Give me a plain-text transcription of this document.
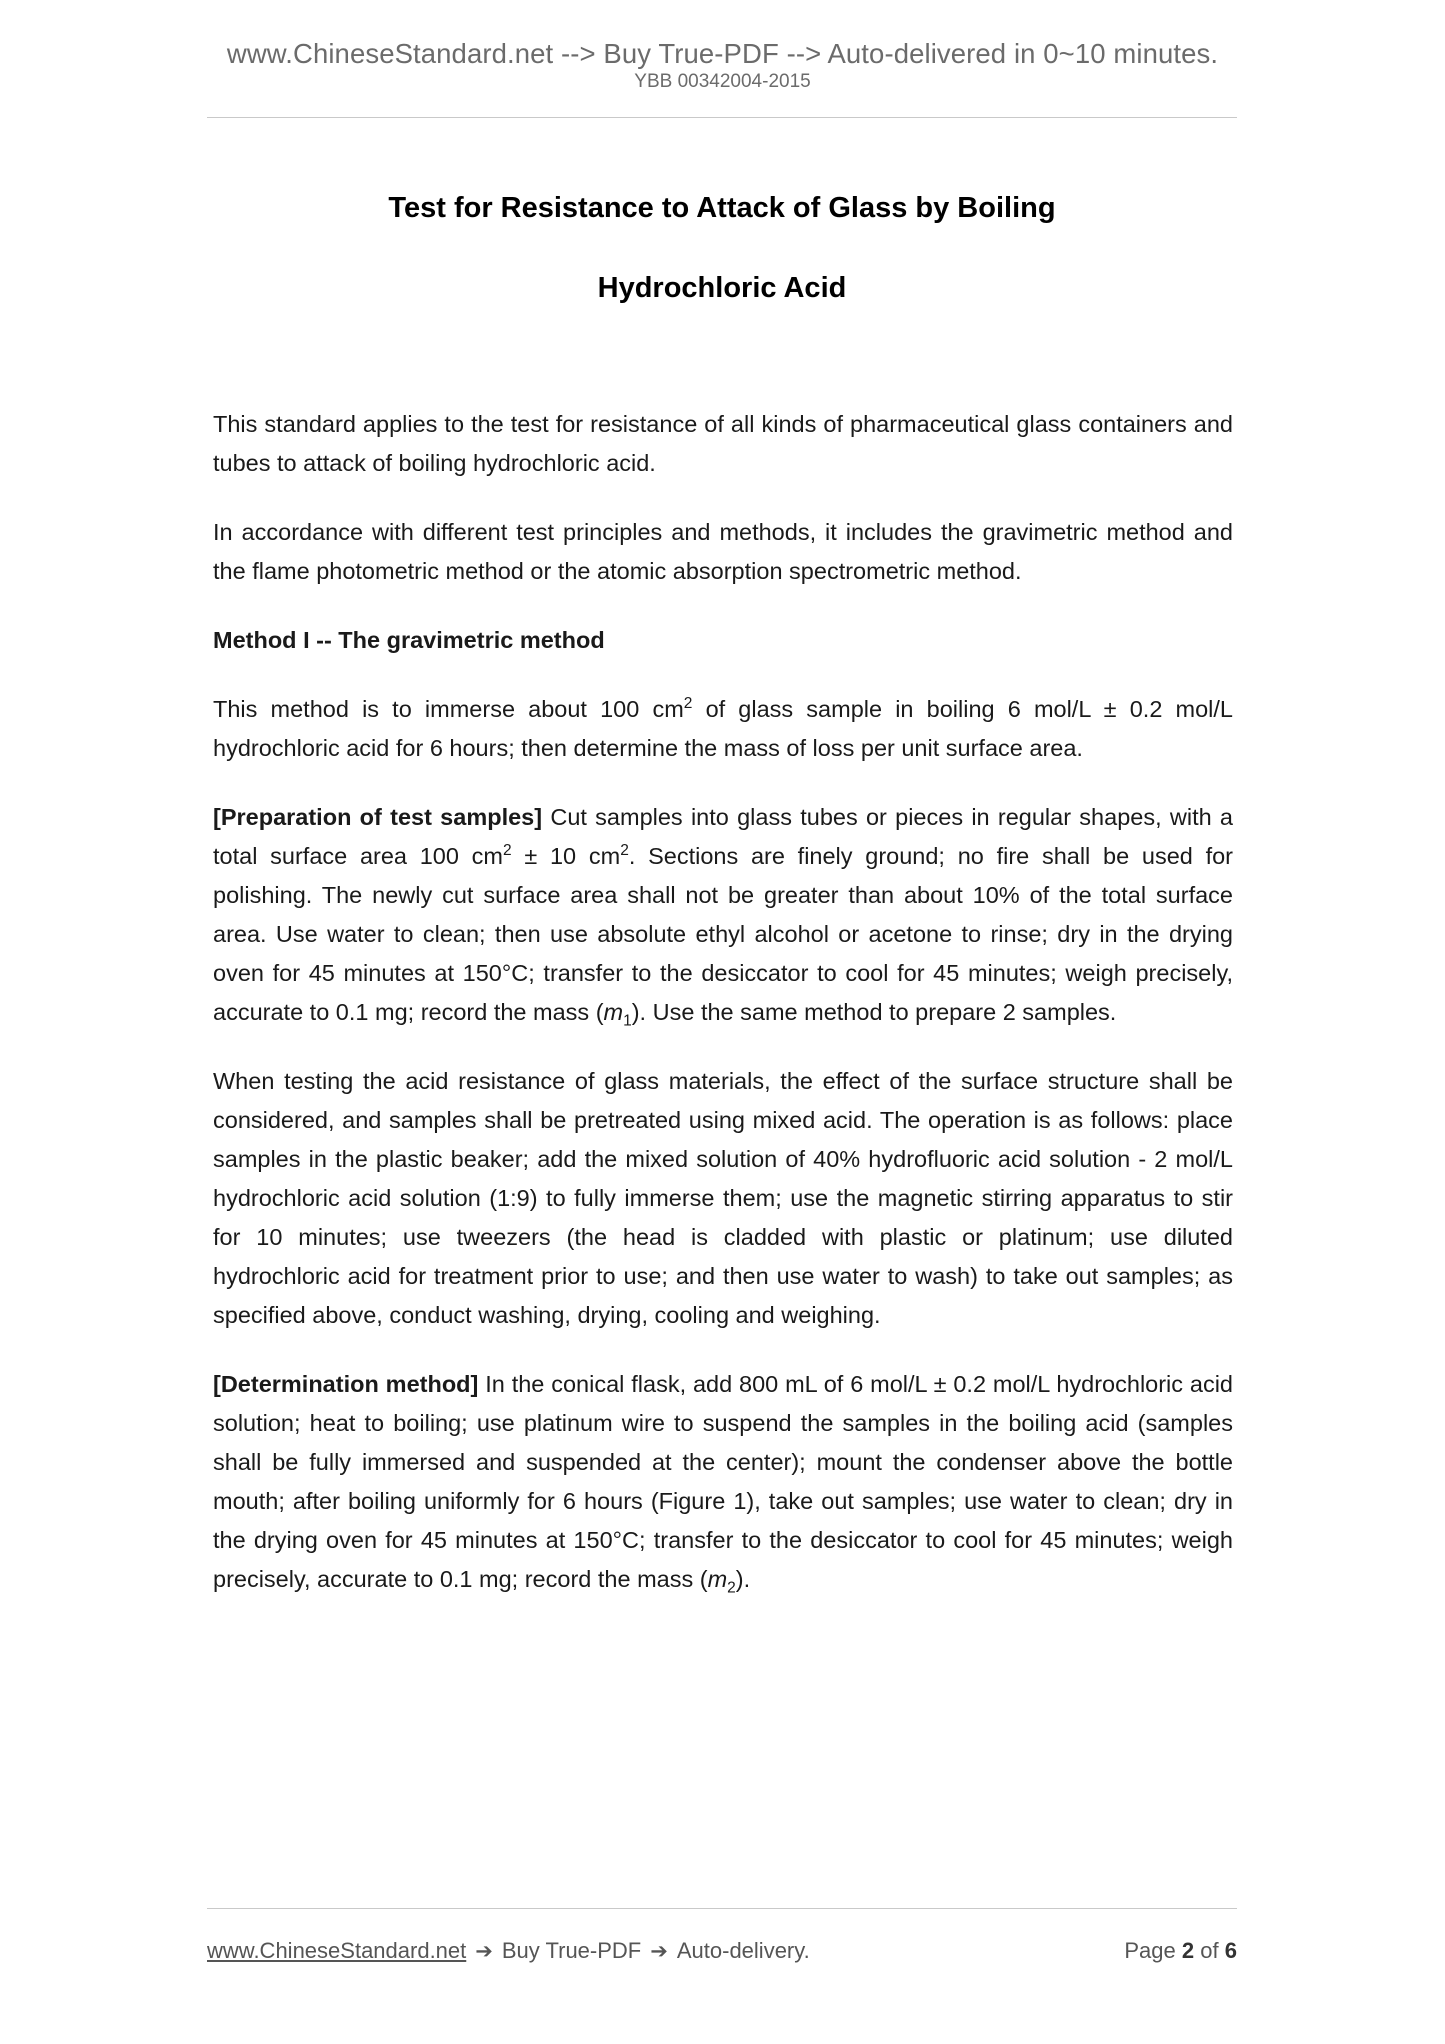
www.ChineseStandard.net --> Buy True-PDF --> Auto-delivered in 0~10 minutes.
YBB 00342004-2015
Test for Resistance to Attack of Glass by Boiling
Hydrochloric Acid

This standard applies to the test for resistance of all kinds of pharmaceutical glass containers and tubes to attack of boiling hydrochloric acid.

In accordance with different test principles and methods, it includes the gravimetric method and the flame photometric method or the atomic absorption spectrometric method.

Method I -- The gravimetric method

This method is to immerse about 100 $cm^2$ of glass sample in boiling 6 mol/L ± 0.2 mol/L hydrochloric acid for 6 hours; then determine the mass of loss per unit surface area.

[Preparation of test samples] Cut samples into glass tubes or pieces in regular shapes, with a total surface area 100 $cm^2 \pm 10$ $cm^2$. Sections are finely ground; no fire shall be used for polishing. The newly cut surface area shall not be greater than about 10% of the total surface area. Use water to clean; then use absolute ethyl alcohol or acetone to rinse; dry in the drying oven for 45 minutes at 150°C; transfer to the desiccator to cool for 45 minutes; weigh precisely, accurate to 0.1 mg; record the mass $(m_1)$. Use the same method to prepare 2 samples.

When testing the acid resistance of glass materials, the effect of the surface structure shall be considered, and samples shall be pretreated using mixed acid. The operation is as follows: place samples in the plastic beaker; add the mixed solution of 40% hydrofluoric acid solution - 2 mol/L hydrochloric acid solution (1:9) to fully immerse them; use the magnetic stirring apparatus to stir for 10 minutes; use tweezers (the head is cladded with plastic or platinum; use diluted hydrochloric acid for treatment prior to use; and then use water to wash) to take out samples; as specified above, conduct washing, drying, cooling and weighing.

[Determination method] In the conical flask, add 800 mL of 6 mol/L ± 0.2 mol/L hydrochloric acid solution; heat to boiling; use platinum wire to suspend the samples in the boiling acid (samples shall be fully immersed and suspended at the center); mount the condenser above the bottle mouth; after boiling uniformly for 6 hours (Figure 1), take out samples; use water to clean; dry in the drying oven for 45 minutes at 150°C; transfer to the desiccator to cool for 45 minutes; weigh precisely, accurate to 0.1 mg; record the mass $(m_2)$.

www.ChineseStandard.net ➔ Buy True-PDF ➔ Auto-delivery.	Page 2 of 6
